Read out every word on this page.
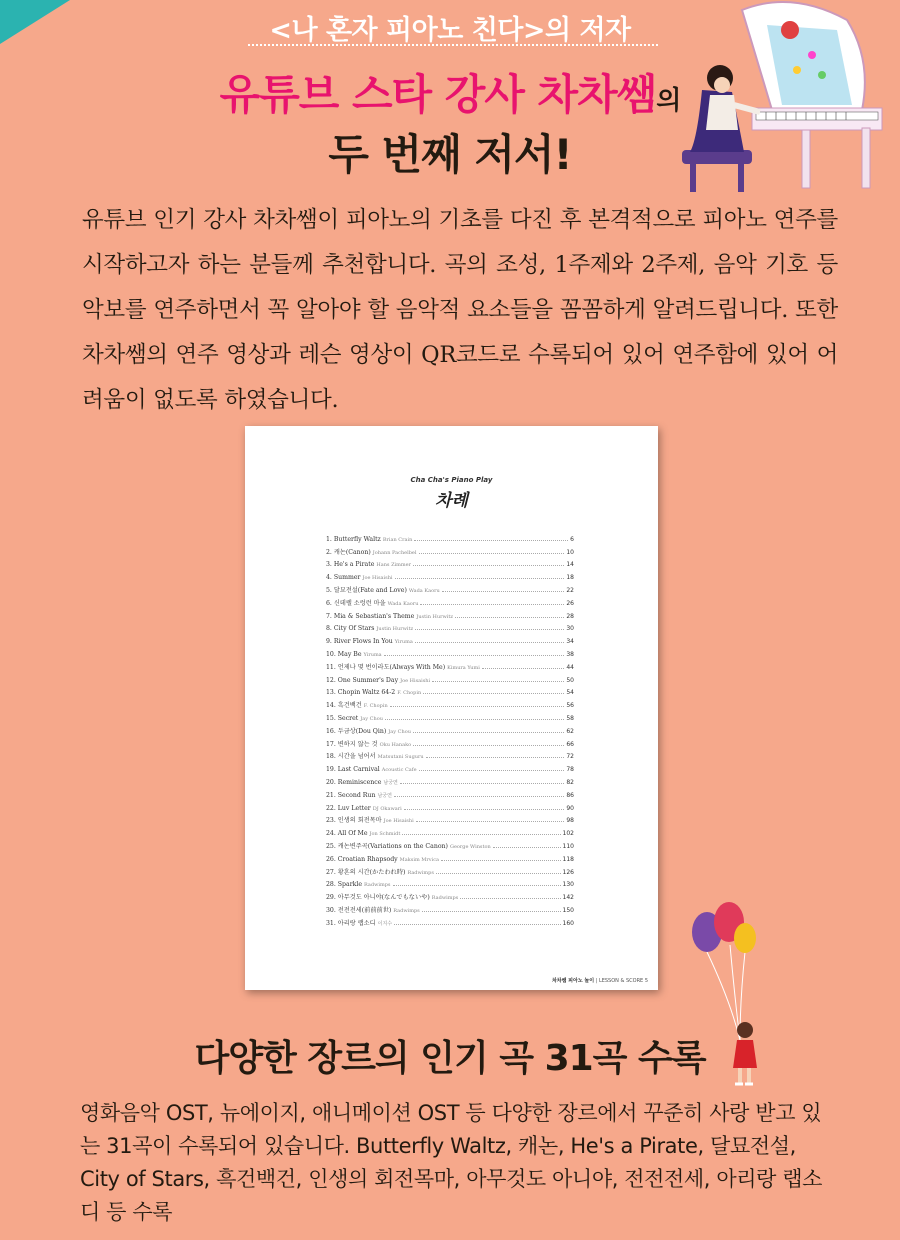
<나 혼자 피아노 친다>의 저자
유튜브 스타 강사 차차쌤의
두 번째 저서!
유튜브 인기 강사 차차쌤이 피아노의 기초를 다진 후 본격적으로 피아노 연주를 시작하고자 하는 분들께 추천합니다. 곡의 조성, 1주제와 2주제, 음악 기호 등 악보를 연주하면서 꼭 알아야 할 음악적 요소들을 꼼꼼하게 알려드립니다. 또한 차차쌤의 연주 영상과 레슨 영상이 QR코드로 수록되어 있어 연주함에 있어 어려움이 없도록 하였습니다.
Cha Cha's Piano Play
차례
1. Butterfly Waltz Brian Crain	6
2. 캐논(Canon) Johann Pachelbel	10
3. He's a Pirate Hans Zimmer	14
4. Summer Joe Hisaishi	18
5. 달묘전설(Fate and Love) Wada Kaoru	22
6. 신데렐 소렁런 마을 Wada Kaoru	26
7. Mia & Sebastian's Theme Justin Hurwitz	28
8. City Of Stars Justin Hurwitz	30
9. River Flows In You Yiruma	34
10. May Be Yiruma	38
11. 언제나 몇 번이라도(Always With Me) Kimura Yumi	44
12. One Summer's Day Joe Hisaishi	50
13. Chopin Waltz 64-2 F. Chopin	54
14. 흑건백건 F. Chopin	56
15. Secret Jay Chou	58
16. 두금상(Dou Qin) Jay Chou	62
17. 변하지 않는 것 Oku Hanako	66
18. 시간을 넘어서 Matsutani Suguru	72
19. Last Carnival Acoustic Cafe	78
20. Reminiscence 남궁연	82
21. Second Run 남궁연	86
22. Luv Letter DJ Okawari	90
23. 인생의 회전목마 Joe Hisaishi	98
24. All Of Me Jon Schmidt	102
25. 캐논변주곡(Variations on the Canon) George Winston	110
26. Croatian Rhapsody Maksim Mrvica	118
27. 황혼의 시간(かたわれ時) Radwimps	126
28. Sparkle Radwimps	130
29. 아무것도 아니야(なんでもないや) Radwimps	142
30. 전전전세(前前前世) Radwimps	150
31. 아리랑 랩소디 이지수	160
차차쌤 피아노 놀이 | LESSON & SCORE 5
다양한 장르의 인기 곡 31곡 수록
영화음악 OST, 뉴에이지, 애니메이션 OST 등 다양한 장르에서 꾸준히 사랑 받고 있는 31곡이 수록되어 있습니다. Butterfly Waltz, 캐논, He's a Pirate, 달묘전설, City of Stars, 흑건백건, 인생의 회전목마, 아무것도 아니야, 전전전세, 아리랑 랩소디 등 수록
